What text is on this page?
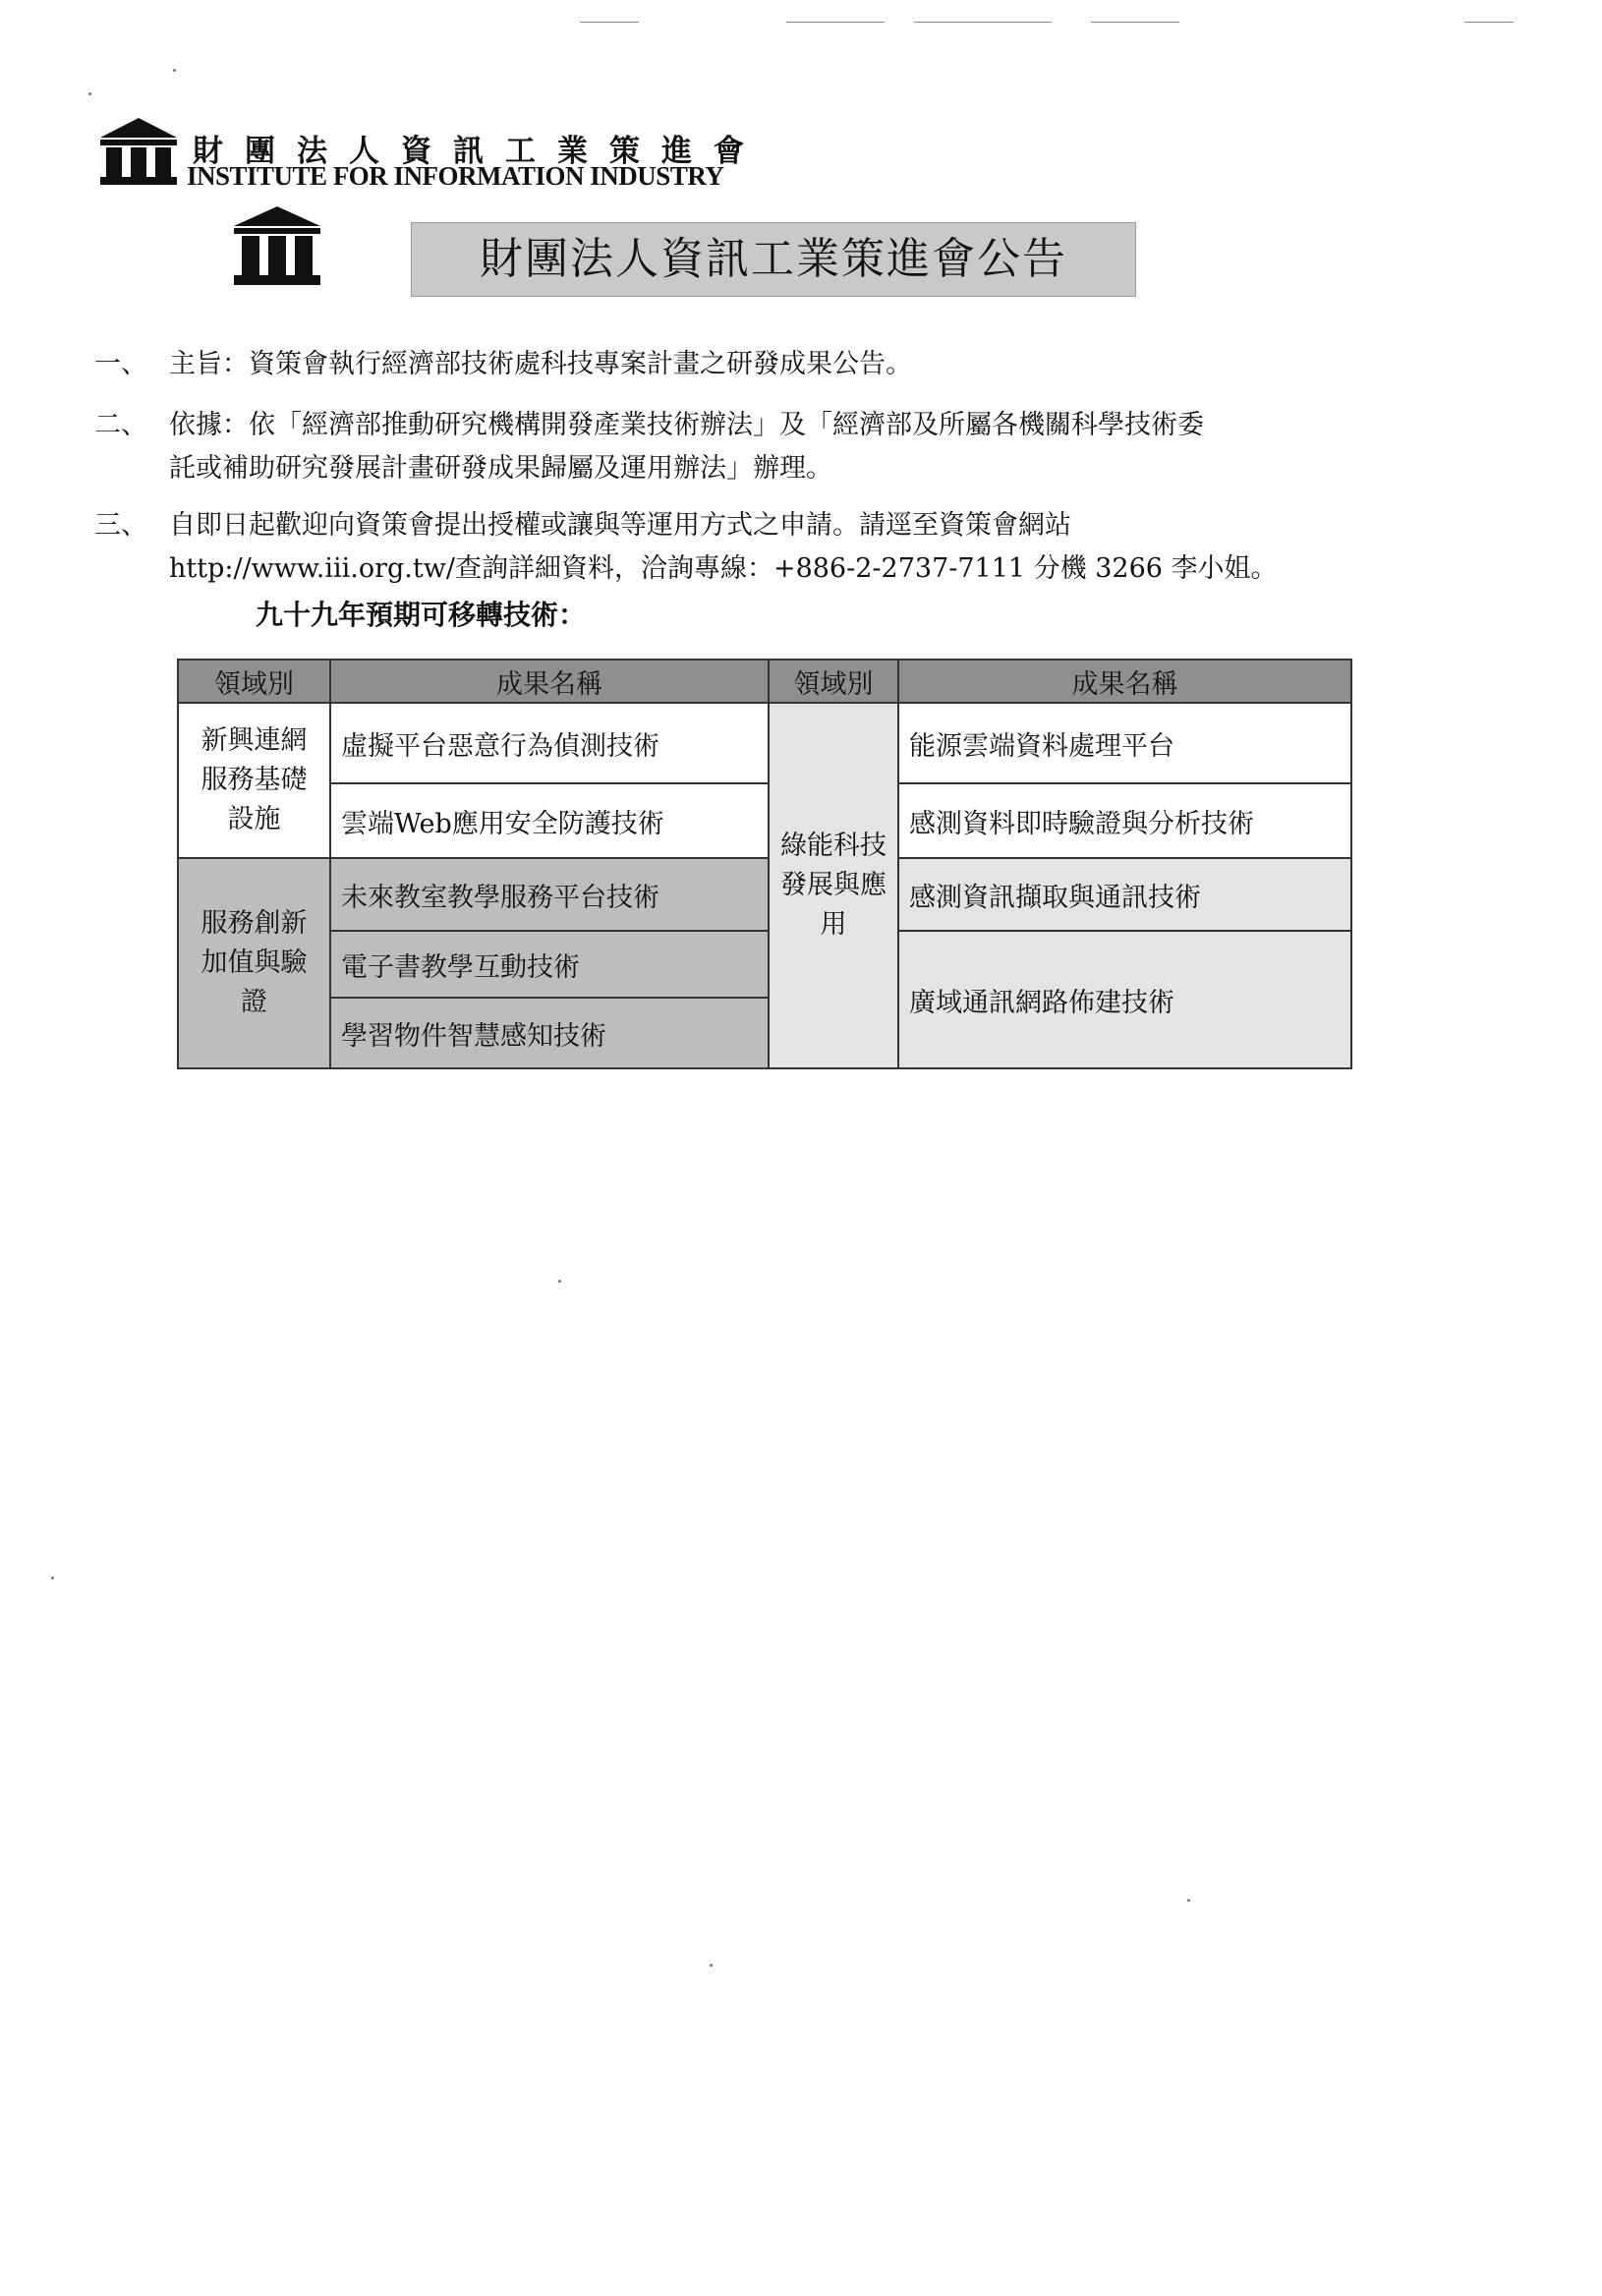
財團法人資訊工業策進會
INSTITUTE FOR INFORMATION INDUSTRY
財團法人資訊工業策進會公告
一、 主旨：資策會執行經濟部技術處科技專案計畫之研發成果公告。
二、 依據：依「經濟部推動研究機構開發產業技術辦法」及「經濟部及所屬各機關科學技術委
託或補助研究發展計畫研發成果歸屬及運用辦法」辦理。
三、 自即日起歡迎向資策會提出授權或讓與等運用方式之申請。請逕至資策會網站
http://www.iii.org.tw/查詢詳細資料，洽詢專線：+886-2-2737-7111 分機 3266 李小姐。
九十九年預期可移轉技術：
領域別	成果名稱	領域別	成果名稱
新興連網服務基礎設施	虛擬平台惡意行為偵測技術	綠能科技發展與應用	能源雲端資料處理平台
	雲端Web應用安全防護技術		感測資料即時驗證與分析技術
服務創新加值與驗證	未來教室教學服務平台技術		感測資訊擷取與通訊技術
	電子書教學互動技術		廣域通訊網路佈建技術
	學習物件智慧感知技術		
